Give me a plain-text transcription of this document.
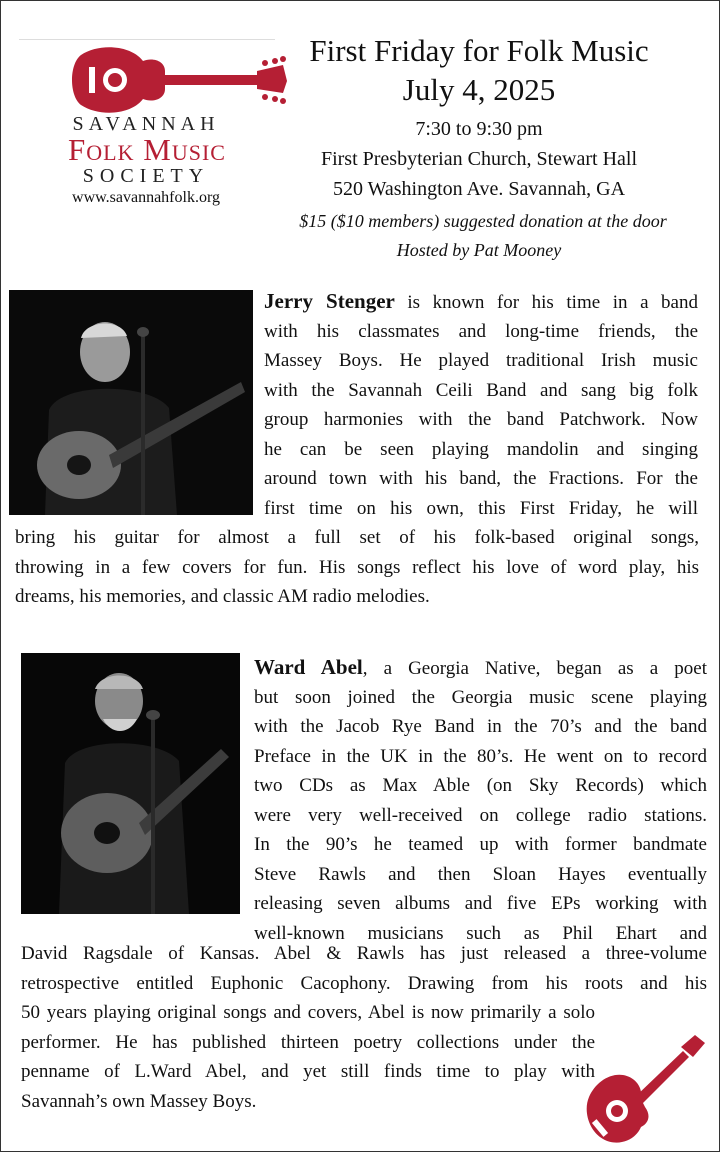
SAVANNAH
Folk Music
SOCIETY
www.savannahfolk.org
First Friday for Folk Music
July 4, 2025
7:30 to 9:30 pm
First Presbyterian Church, Stewart Hall
520 Washington Ave. Savannah, GA
$15 ($10 members) suggested donation at the door
Hosted by Pat Mooney
Jerry Stenger is known for his time in a band
with his classmates and long-time friends, the
Massey Boys. He played traditional Irish music
with the Savannah Ceili Band and sang big folk
group harmonies with the band Patchwork. Now
he can be seen playing mandolin and singing
around town with his band, the Fractions. For the
first time on his own, this First Friday, he will
bring his guitar for almost a full set of his folk-based original songs,
throwing in a few covers for fun. His songs reflect his love of word play, his
dreams, his memories, and classic AM radio melodies.
Ward Abel, a Georgia Native, began as a poet
but soon joined the Georgia music scene playing
with the Jacob Rye Band in the 70’s and the band
Preface in the UK in the 80’s. He went on to record
two CDs as Max Able (on Sky Records) which
were very well-received on college radio stations.
In the 90’s he teamed up with former bandmate
Steve Rawls and then Sloan Hayes eventually
releasing seven albums and five EPs working with
well-known musicians such as Phil Ehart and
David Ragsdale of Kansas. Abel & Rawls has just released a three-volume
retrospective entitled Euphonic Cacophony. Drawing from his roots and his
50 years playing original songs and covers, Abel is now primarily a solo
performer. He has published thirteen poetry collections under the
penname of L.Ward Abel, and yet still finds time to play with
Savannah’s own Massey Boys.
